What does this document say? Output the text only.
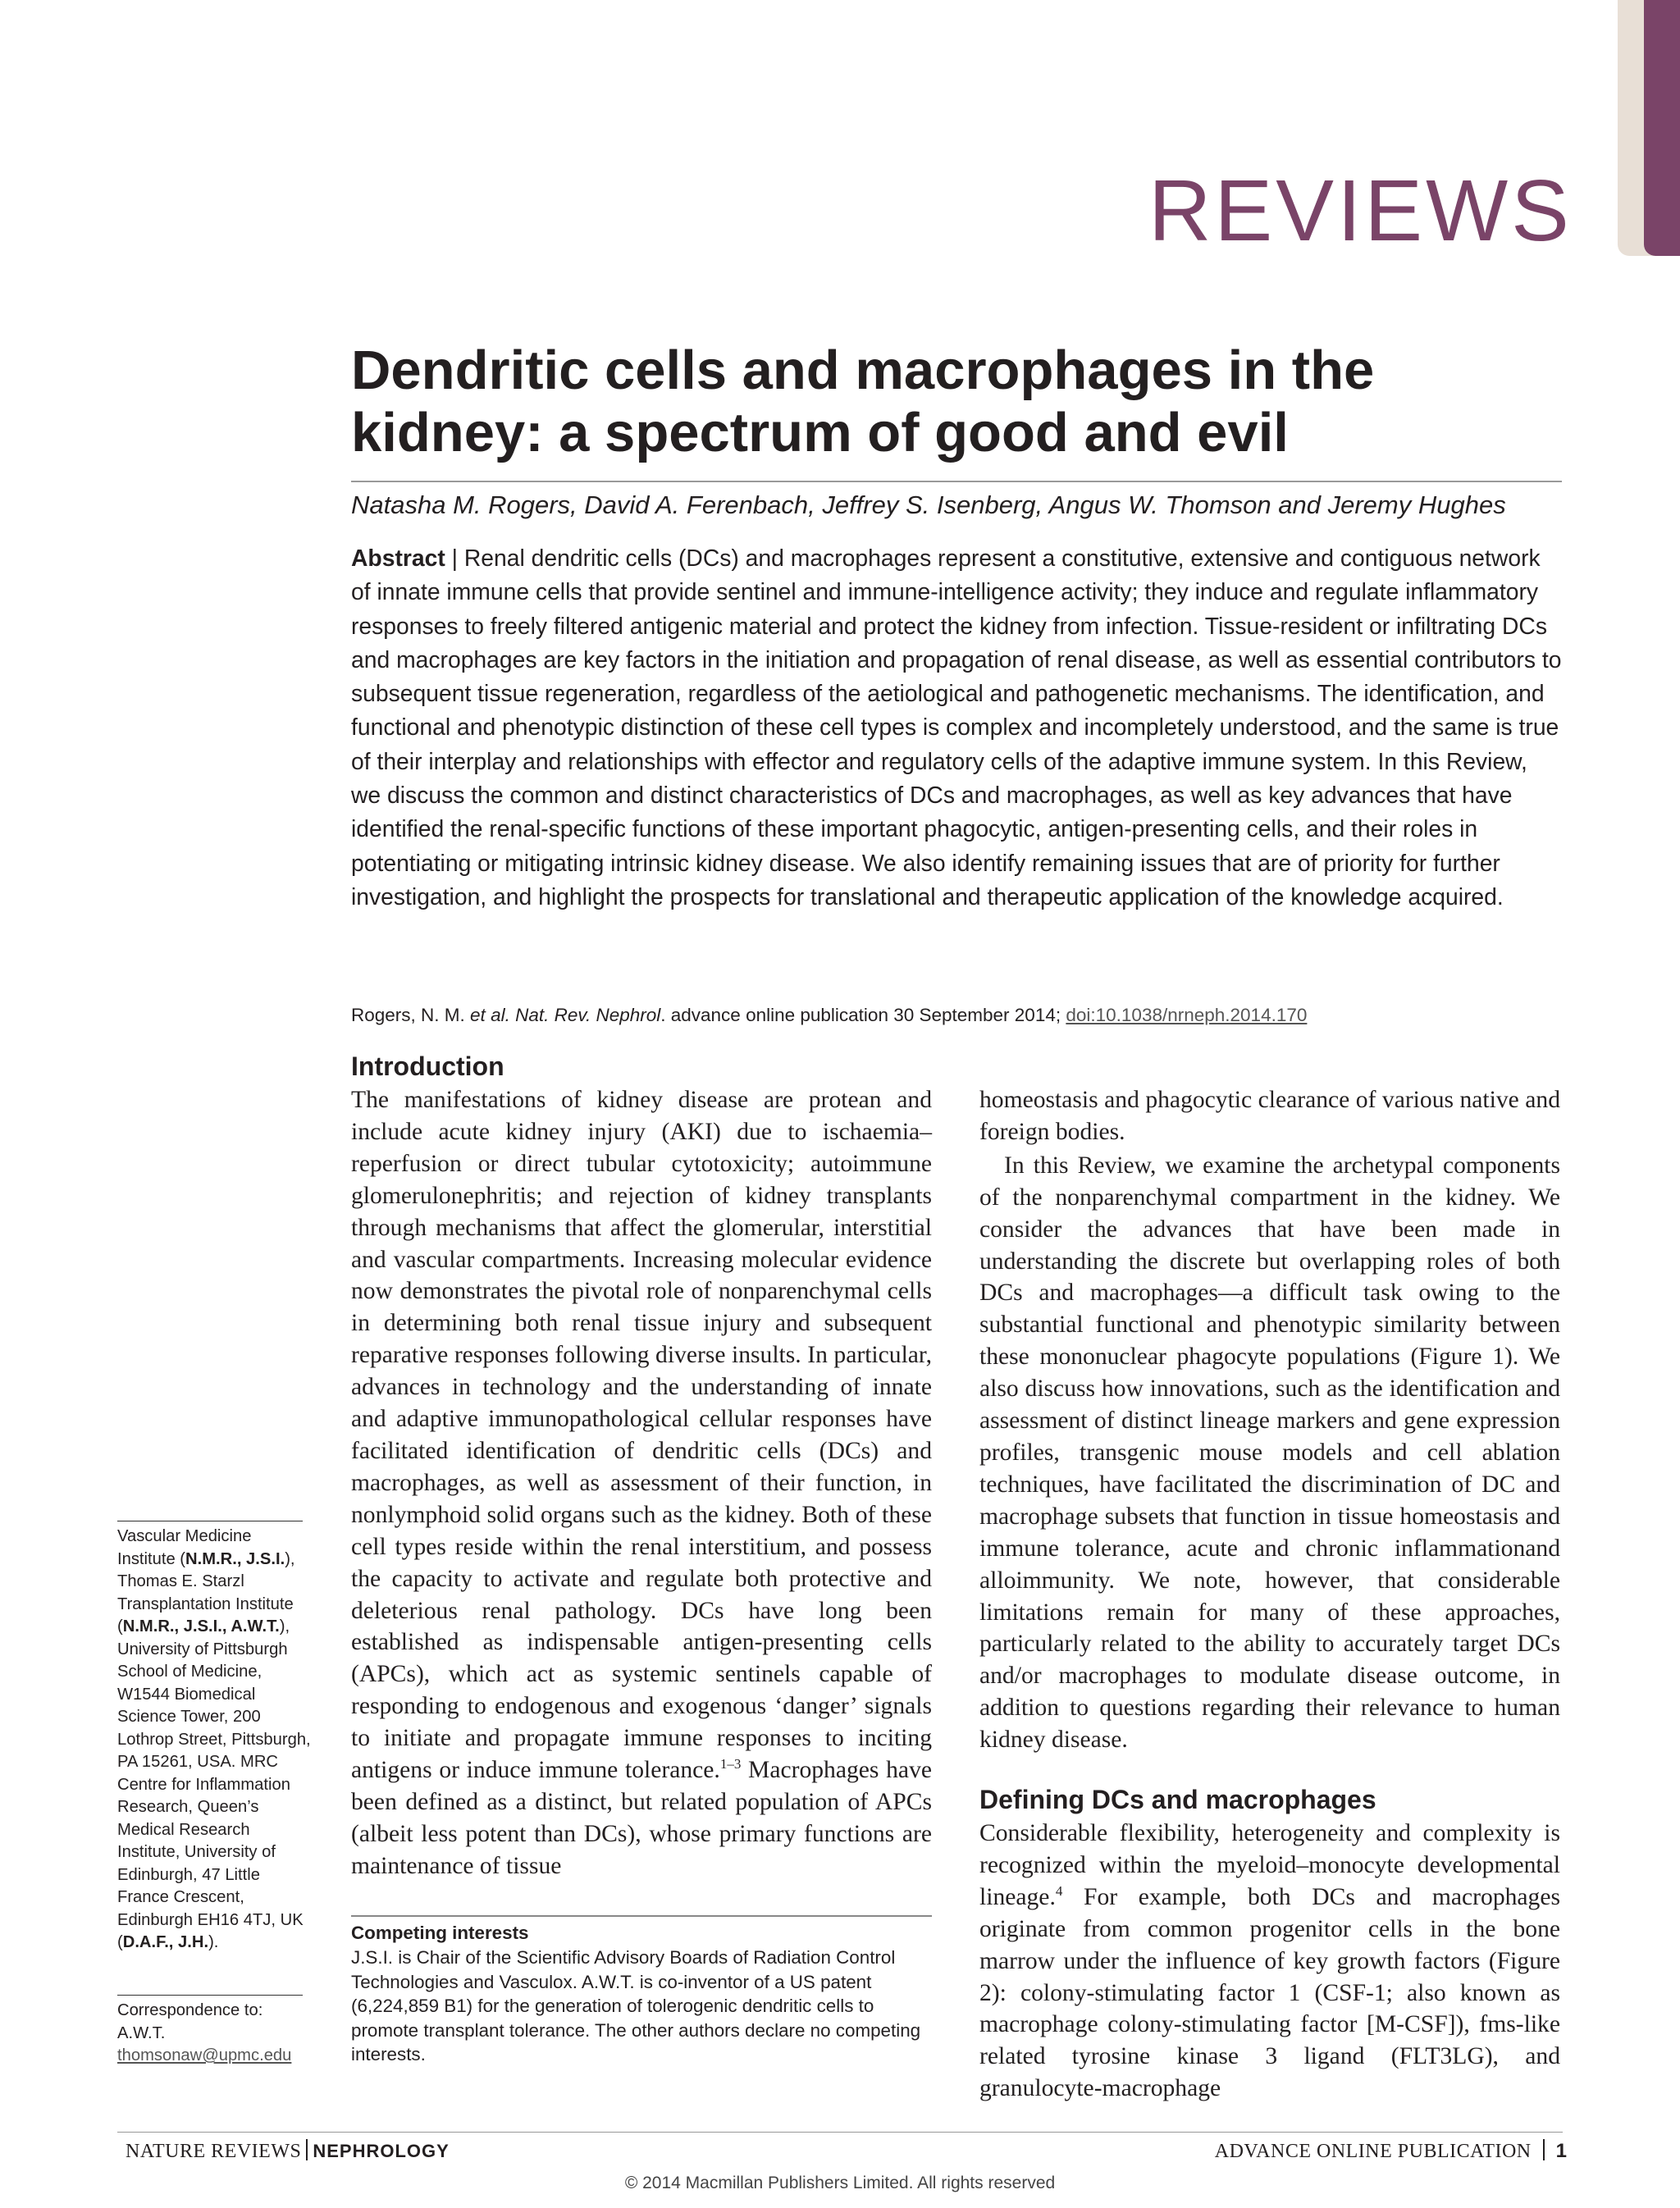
REVIEWS
Dendritic cells and macrophages in the kidney: a spectrum of good and evil
Natasha M. Rogers, David A. Ferenbach, Jeffrey S. Isenberg, Angus W. Thomson and Jeremy Hughes
Abstract | Renal dendritic cells (DCs) and macrophages represent a constitutive, extensive and contiguous network of innate immune cells that provide sentinel and immune-intelligence activity; they induce and regulate inflammatory responses to freely filtered antigenic material and protect the kidney from infection. Tissue-resident or infiltrating DCs and macrophages are key factors in the initiation and propagation of renal disease, as well as essential contributors to subsequent tissue regeneration, regardless of the aetiological and pathogenetic mechanisms. The identification, and functional and phenotypic distinction of these cell types is complex and incompletely understood, and the same is true of their interplay and relationships with effector and regulatory cells of the adaptive immune system. In this Review, we discuss the common and distinct characteristics of DCs and macrophages, as well as key advances that have identified the renal-specific functions of these important phagocytic, antigen-presenting cells, and their roles in potentiating or mitigating intrinsic kidney disease. We also identify remaining issues that are of priority for further investigation, and highlight the prospects for translational and therapeutic application of the knowledge acquired.
Rogers, N. M. et al. Nat. Rev. Nephrol. advance online publication 30 September 2014; doi:10.1038/nrneph.2014.170
Introduction
The manifestations of kidney disease are protean and include acute kidney injury (AKI) due to ischaemia–reperfusion or direct tubular cytotoxicity; autoimmune glomerulonephritis; and rejection of kidney transplants through mechanisms that affect the glomerular, interstitial and vascular compartments. Increasing molecular evidence now demonstrates the pivotal role of nonparenchymal cells in determining both renal tissue injury and subsequent reparative responses following diverse insults. In particular, advances in technology and the understanding of innate and adaptive immunopathological cellular responses have facilitated identification of dendritic cells (DCs) and macrophages, as well as assessment of their function, in nonlymphoid solid organs such as the kidney. Both of these cell types reside within the renal interstitium, and possess the capacity to activate and regulate both protective and deleterious renal pathology. DCs have long been established as indispensable antigen-presenting cells (APCs), which act as systemic sentinels capable of responding to endogenous and exogenous ‘danger’ signals to initiate and propagate immune responses to inciting antigens or induce immune tolerance.$^{1-3}$ Macrophages have been defined as a distinct, but related population of APCs (albeit less potent than DCs), whose primary functions are maintenance of tissue
homeostasis and phagocytic clearance of various native and foreign bodies.
In this Review, we examine the archetypal components of the nonparenchymal compartment in the kidney. We consider the advances that have been made in understanding the discrete but overlapping roles of both DCs and macrophages—a difficult task owing to the substantial functional and phenotypic similarity between these mononuclear phagocyte populations (Figure 1). We also discuss how innovations, such as the identification and assessment of distinct lineage markers and gene expression profiles, transgenic mouse models and cell ablation techniques, have facilitated the discrimination of DC and macrophage subsets that function in tissue homeostasis and immune tolerance, acute and chronic inflammationand alloimmunity. We note, however, that considerable limitations remain for many of these approaches, particularly related to the ability to accurately target DCs and/or macrophages to modulate disease outcome, in addition to questions regarding their relevance to human kidney disease.
Defining DCs and macrophages
Considerable flexibility, heterogeneity and complexity is recognized within the myeloid–monocyte developmental lineage.$^4$ For example, both DCs and macrophages originate from common progenitor cells in the bone marrow under the influence of key growth factors (Figure 2): colony-stimulating factor 1 (CSF-1; also known as macrophage colony-stimulating factor [M-CSF]), fms-like related tyrosine kinase 3 ligand (FLT3LG), and granulocyte-macrophage
Vascular Medicine Institute (N.M.R., J.S.I.), Thomas E. Starzl Transplantation Institute (N.M.R., J.S.I., A.W.T.), University of Pittsburgh School of Medicine, W1544 Biomedical Science Tower, 200 Lothrop Street, Pittsburgh, PA 15261, USA. MRC Centre for Inflammation Research, Queen’s Medical Research Institute, University of Edinburgh, 47 Little France Crescent, Edinburgh EH16 4TJ, UK (D.A.F., J.H.).
Correspondence to:
A.W.T.
thomsonaw@upmc.edu
Competing interests
J.S.I. is Chair of the Scientific Advisory Boards of Radiation Control Technologies and Vasculox. A.W.T. is co-inventor of a US patent (6,224,859 B1) for the generation of tolerogenic dendritic cells to promote transplant tolerance. The other authors declare no competing interests.
NATURE REVIEWS NEPHROLOGY	ADVANCE ONLINE PUBLICATION 1
© 2014 Macmillan Publishers Limited. All rights reserved
